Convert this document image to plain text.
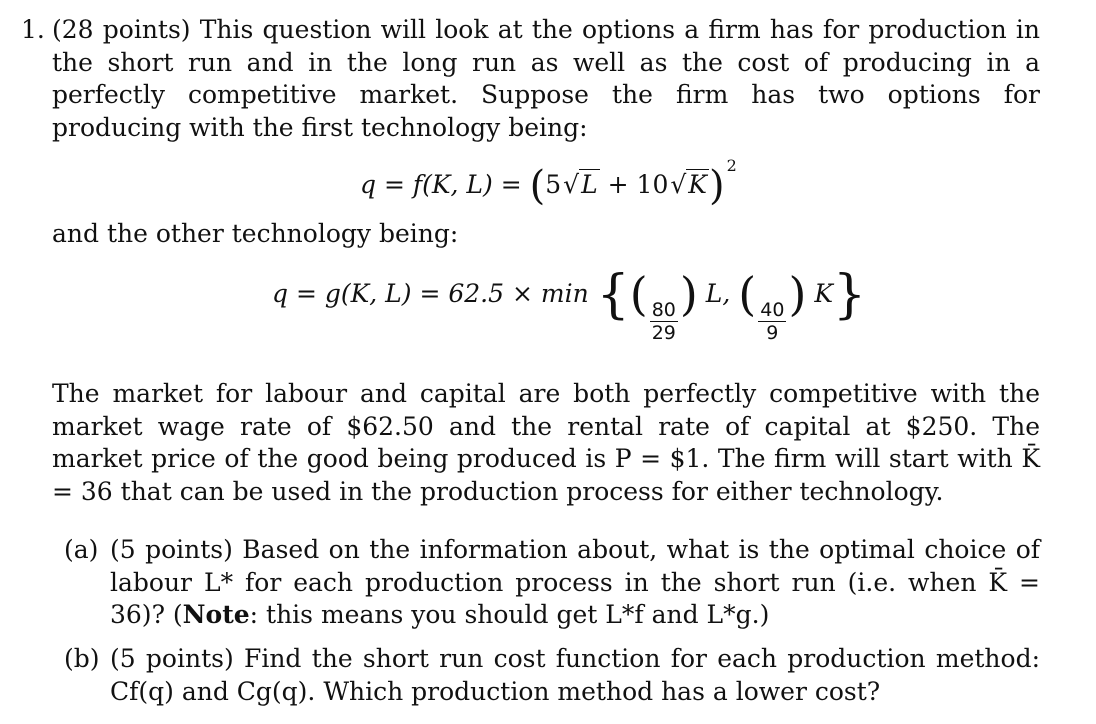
1. (28 points) This question will look at the options a firm has for production in the short run and in the long run as well as the cost of producing in a perfectly competitive market. Suppose the firm has two options for producing with the first technology being:
q = f(K, L) = (5√L + 10√K) $^2$
and the other technology being:
q = g(K, L) = 62.5 × min {(
$\frac{80}{29}$
) L, (
$\frac{40}{9}$
) K}
The market for labour and capital are both perfectly competitive with the market wage rate of $62.50 and the rental rate of capital at $250. The market price of the good being produced is P = $1. The firm will start with K̄ = 36 that can be used in the production process for either technology.
(a) (5 points) Based on the information about, what is the optimal choice of labour L* for each production process in the short run (i.e. when K̄ = 36)? (Note: this means you should get L*f and L*g.)
(b) (5 points) Find the short run cost function for each production method: Cf(q) and Cg(q). Which production method has a lower cost?
